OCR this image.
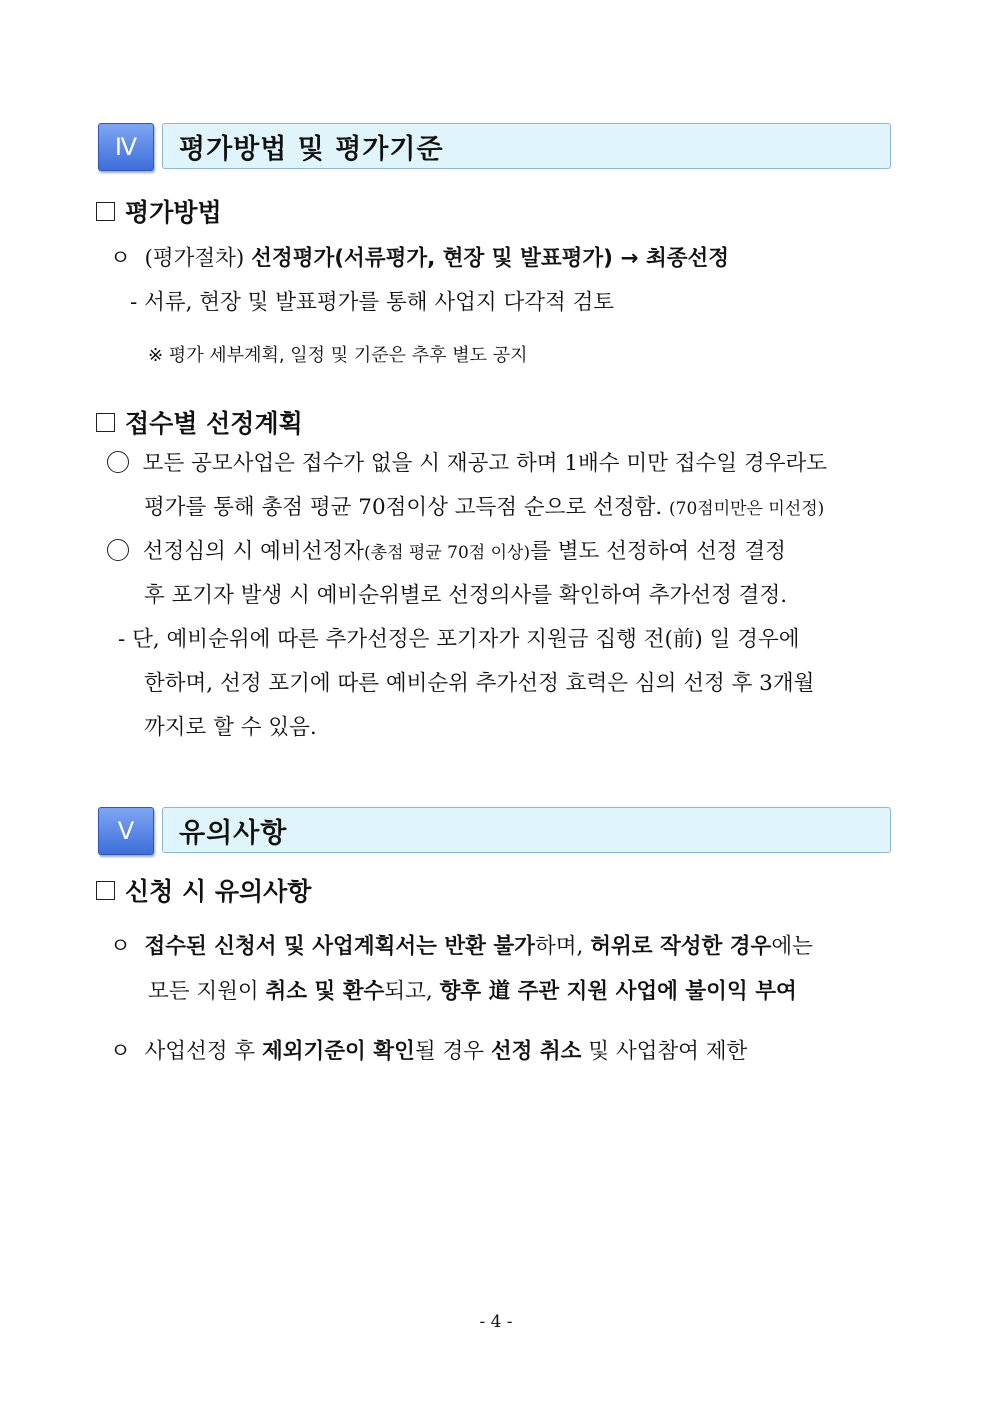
Ⅳ	평가방법 및 평가기준
평가방법
ㅇ (평가절차) 선정평가(서류평가, 현장 및 발표평가) → 최종선정
- 서류, 현장 및 발표평가를 통해 사업지 다각적 검토
※ 평가 세부계획, 일정 및 기준은 추후 별도 공지
접수별 선정계획
모든 공모사업은 접수가 없을 시 재공고 하며 1배수 미만 접수일 경우라도
평가를 통해 총점 평균 70점이상 고득점 순으로 선정함. (70점미만은 미선정)
선정심의 시 예비선정자(총점 평균 70점 이상)를 별도 선정하여 선정 결정
후 포기자 발생 시 예비순위별로 선정의사를 확인하여 추가선정 결정.
- 단, 예비순위에 따른 추가선정은 포기자가 지원금 집행 전(前) 일 경우에
한하며, 선정 포기에 따른 예비순위 추가선정 효력은 심의 선정 후 3개월
까지로 할 수 있음.
Ⅴ	유의사항
신청 시 유의사항
ㅇ 접수된 신청서 및 사업계획서는 반환 불가하며, 허위로 작성한 경우에는
모든 지원이 취소 및 환수되고, 향후 道 주관 지원 사업에 불이익 부여
ㅇ 사업선정 후 제외기준이 확인될 경우 선정 취소 및 사업참여 제한
- 4 -
